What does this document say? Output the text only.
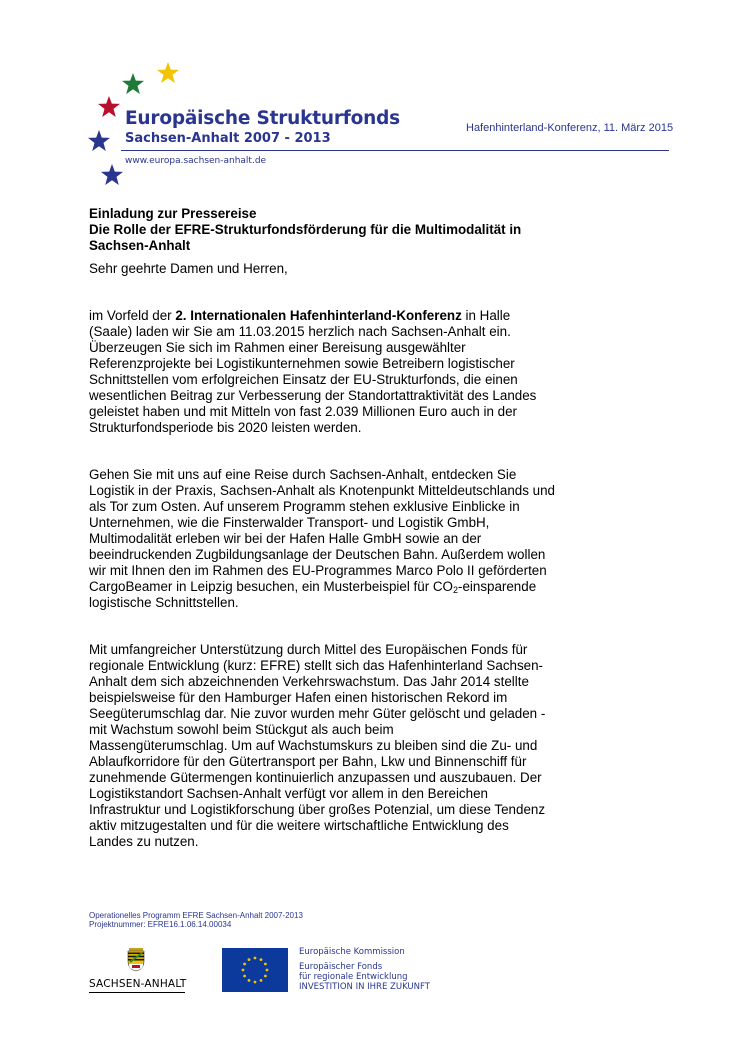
Europäische Strukturfonds
Sachsen-Anhalt 2007 - 2013
www.europa.sachsen-anhalt.de
Hafenhinterland-Konferenz, 11. März 2015
Einladung zur Pressereise
Die Rolle der EFRE-Strukturfondsförderung für die Multimodalität in
Sachsen-Anhalt
Sehr geehrte Damen und Herren,
im Vorfeld der 2. Internationalen Hafenhinterland-Konferenz in Halle
(Saale) laden wir Sie am 11.03.2015 herzlich nach Sachsen-Anhalt ein.
Überzeugen Sie sich im Rahmen einer Bereisung ausgewählter
Referenzprojekte bei Logistikunternehmen sowie Betreibern logistischer
Schnittstellen vom erfolgreichen Einsatz der EU-Strukturfonds, die einen
wesentlichen Beitrag zur Verbesserung der Standortattraktivität des Landes
geleistet haben und mit Mitteln von fast 2.039 Millionen Euro auch in der
Strukturfondsperiode bis 2020 leisten werden.
Gehen Sie mit uns auf eine Reise durch Sachsen-Anhalt, entdecken Sie
Logistik in der Praxis, Sachsen-Anhalt als Knotenpunkt Mitteldeutschlands und
als Tor zum Osten. Auf unserem Programm stehen exklusive Einblicke in
Unternehmen, wie die Finsterwalder Transport- und Logistik GmbH,
Multimodalität erleben wir bei der Hafen Halle GmbH sowie an der
beeindruckenden Zugbildungsanlage der Deutschen Bahn. Außerdem wollen
wir mit Ihnen den im Rahmen des EU-Programmes Marco Polo II geförderten
CargoBeamer in Leipzig besuchen, ein Musterbeispiel für $CO_2$-einsparende
logistische Schnittstellen.
Mit umfangreicher Unterstützung durch Mittel des Europäischen Fonds für
regionale Entwicklung (kurz: EFRE) stellt sich das Hafenhinterland Sachsen-
Anhalt dem sich abzeichnenden Verkehrswachstum. Das Jahr 2014 stellte
beispielsweise für den Hamburger Hafen einen historischen Rekord im
Seegüterumschlag dar. Nie zuvor wurden mehr Güter gelöscht und geladen -
mit Wachstum sowohl beim Stückgut als auch beim
Massengüterumschlag. Um auf Wachstumskurs zu bleiben sind die Zu- und
Ablaufkorridore für den Gütertransport per Bahn, Lkw und Binnenschiff für
zunehmende Gütermengen kontinuierlich anzupassen und auszubauen. Der
Logistikstandort Sachsen-Anhalt verfügt vor allem in den Bereichen
Infrastruktur und Logistikforschung über großes Potenzial, um diese Tendenz
aktiv mitzugestalten und für die weitere wirtschaftliche Entwicklung des
Landes zu nutzen.
Operationelles Programm EFRE Sachsen-Anhalt 2007-2013
Projektnummer: EFRE16.1.06.14.00034
SACHSEN-ANHALT
Europäische Kommission
Europäischer Fonds
für regionale Entwicklung
INVESTITION IN IHRE ZUKUNFT
